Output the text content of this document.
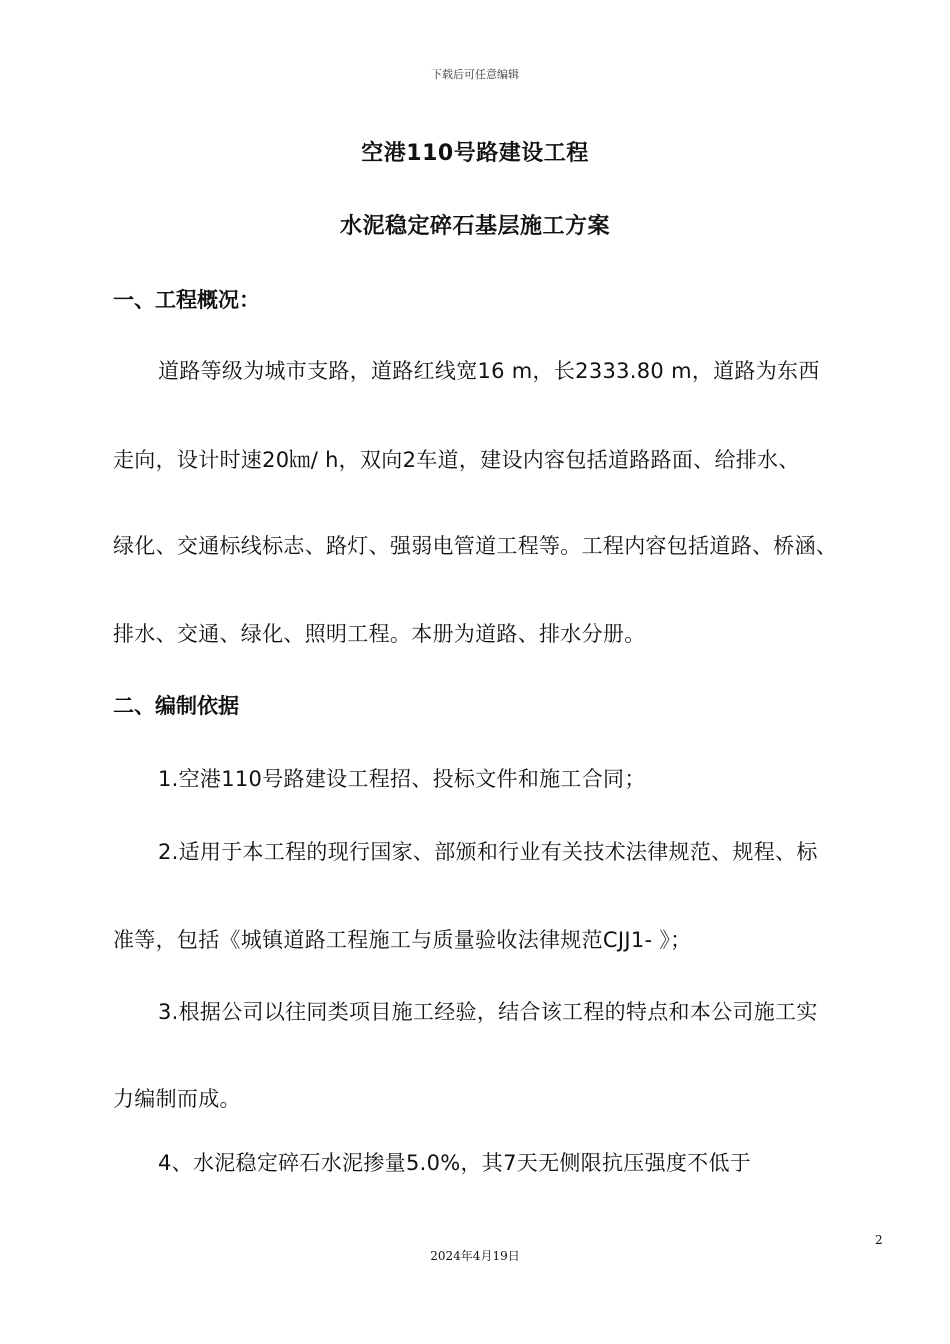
下载后可任意编辑
空港110号路建设工程
水泥稳定碎石基层施工方案
一、工程概况：
道路等级为城市支路，道路红线宽16 m，长2333.80 m，道路为东西
走向，设计时速20㎞/ h，双向2车道，建设内容包括道路路面、给排水、
绿化、交通标线标志、路灯、强弱电管道工程等。工程内容包括道路、桥涵、
排水、交通、绿化、照明工程。本册为道路、排水分册。
二、编制依据
1.空港110号路建设工程招、投标文件和施工合同；
2.适用于本工程的现行国家、部颁和行业有关技术法律规范、规程、标
准等，包括《城镇道路工程施工与质量验收法律规范CJJ1- 》；
3.根据公司以往同类项目施工经验，结合该工程的特点和本公司施工实
力编制而成。
4、水泥稳定碎石水泥掺量5.0%，其7天无侧限抗压强度不低于
2
2024年4月19日
